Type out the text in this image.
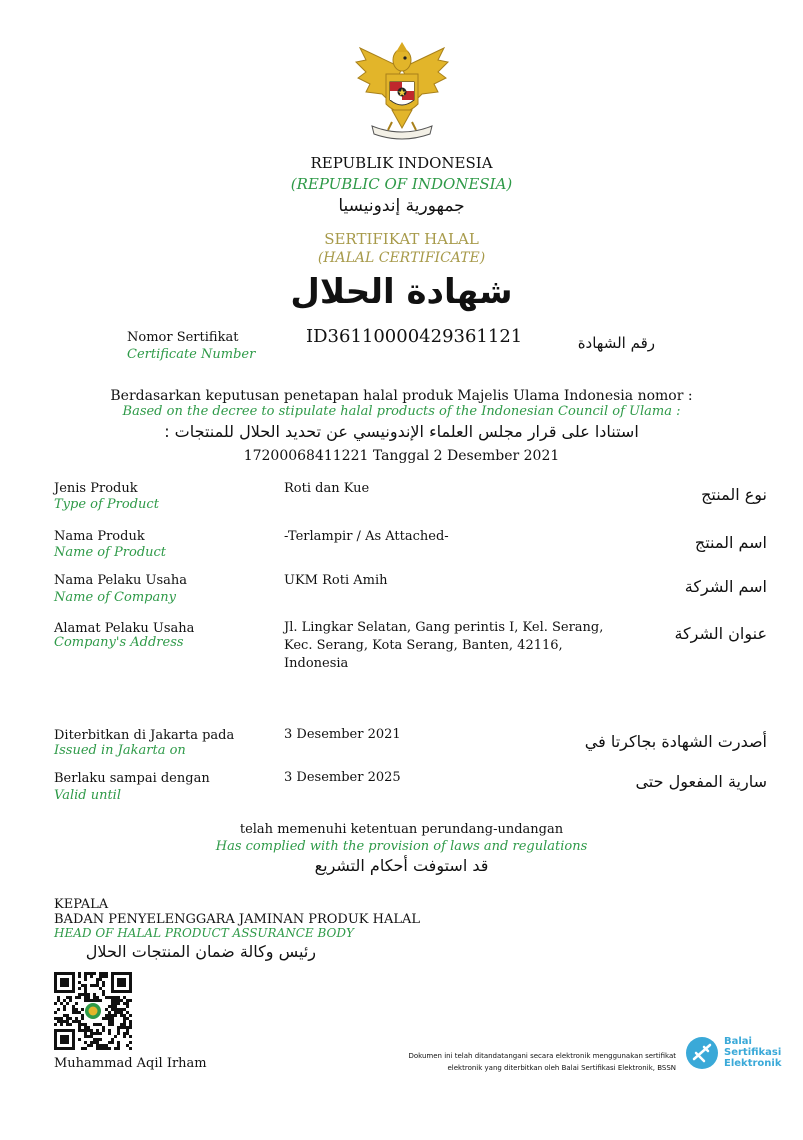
REPUBLIK INDONESIA
(REPUBLIC OF INDONESIA)
جمهورية إندونيسيا
SERTIFIKAT HALAL
(HALAL CERTIFICATE)
شهادة الحلال
Nomor Sertifikat
Certificate Number
ID36110000429361121	رقم الشهادة
Berdasarkan keputusan penetapan halal produk Majelis Ulama Indonesia nomor :
Based on the decree to stipulate halal products of the Indonesian Council of Ulama :
استنادا على قرار مجلس العلماء الإندونيسي عن تحديد الحلال للمنتجات :
17200068411221 Tanggal 2 Desember 2021
Jenis Produk
Type of Product
Roti dan Kue	نوع المنتج
Nama Produk
Name of Product
-Terlampir / As Attached-	اسم المنتج
Nama Pelaku Usaha
Name of Company
UKM Roti Amih	اسم الشركة
Alamat Pelaku Usaha
Company's Address
Jl. Lingkar Selatan, Gang perintis I, Kel. Serang,
Kec. Serang, Kota Serang, Banten, 42116,
Indonesia
عنوان الشركة
Diterbitkan di Jakarta pada
Issued in Jakarta on
3 Desember 2021	أصدرت الشهادة بجاكرتا في
Berlaku sampai dengan
Valid until
3 Desember 2025	سارية المفعول حتى
telah memenuhi ketentuan perundang-undangan
Has complied with the provision of laws and regulations
قد استوفت أحكام التشريع
KEPALA
BADAN PENYELENGGARA JAMINAN PRODUK HALAL
HEAD OF HALAL PRODUCT ASSURANCE BODY
رئيس وكالة ضمان المنتجات الحلال
Muhammad Aqil Irham	Dokumen ini telah ditandatangani secara elektronik menggunakan sertifikat
elektronik yang diterbitkan oleh Balai Sertifikasi Elektronik, BSSN
Balai
Sertifikasi
Elektronik
